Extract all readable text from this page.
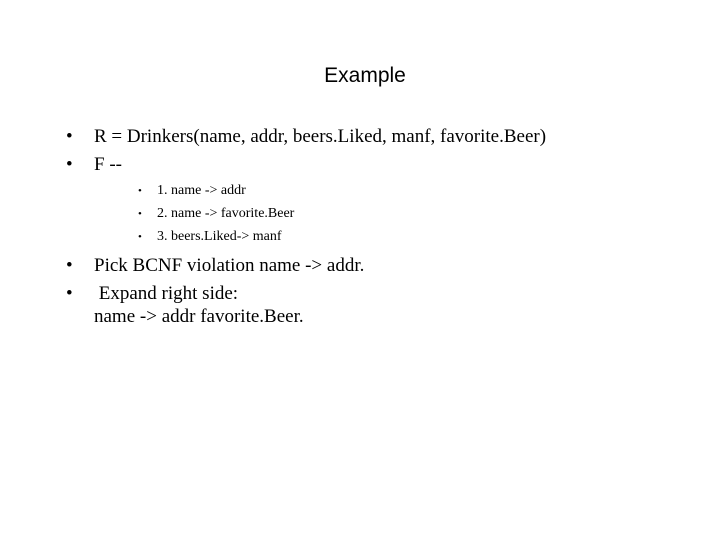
Example
• R = Drinkers(name, addr, beers.Liked, manf, favorite.Beer)
• F --
• 1. name -> addr
• 2. name -> favorite.Beer
• 3. beers.Liked-> manf
• Pick BCNF violation name -> addr.
• Expand right side:
name -> addr favorite.Beer.
